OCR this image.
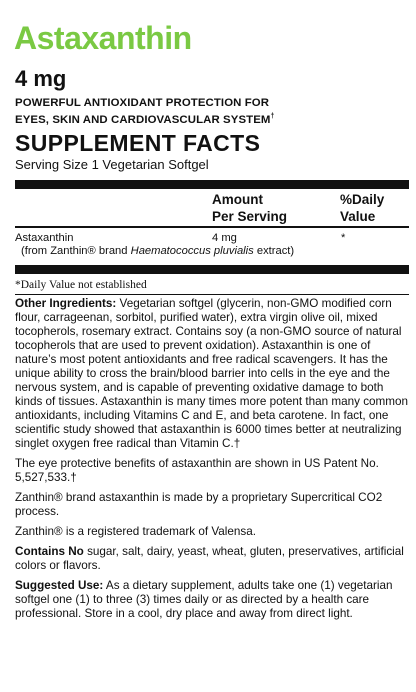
Astaxanthin
4 mg
POWERFUL ANTIOXIDANT PROTECTION FOR
EYES, SKIN AND CARDIOVASCULAR SYSTEM†
SUPPLEMENT FACTS
Serving Size 1 Vegetarian Softgel
Amount
Per Serving
%Daily
Value
Astaxanthin
(from Zanthin® brand Haematococcus pluvialis extract)
4 mg	*
*Daily Value not established

Other Ingredients: Vegetarian softgel (glycerin, non-GMO modified corn flour, carrageenan, sorbitol, purified water), extra virgin olive oil, mixed tocopherols, rosemary extract. Contains soy (a non-GMO source of natural tocopherols that are used to prevent oxidation). Astaxanthin is one of nature’s most potent antioxidants and free radical scavengers. It has the unique ability to cross the brain/blood barrier into cells in the eye and the nervous system, and is capable of preventing oxidative damage to both kinds of tissues. Astaxanthin is many times more potent than many common antioxidants, including Vitamins C and E, and beta carotene. In fact, one scientific study showed that astaxanthin is 6000 times better at neutralizing singlet oxygen free radical than Vitamin C.†

The eye protective benefits of astaxanthin are shown in US Patent No. 5,527,533.†

Zanthin® brand astaxanthin is made by a proprietary Supercritical CO2 process.

Zanthin® is a registered trademark of Valensa.

Contains No sugar, salt, dairy, yeast, wheat, gluten, preservatives, artificial colors or flavors.

Suggested Use: As a dietary supplement, adults take one (1) vegetarian softgel one (1) to three (3) times daily or as directed by a health care professional. Store in a cool, dry place and away from direct light.
